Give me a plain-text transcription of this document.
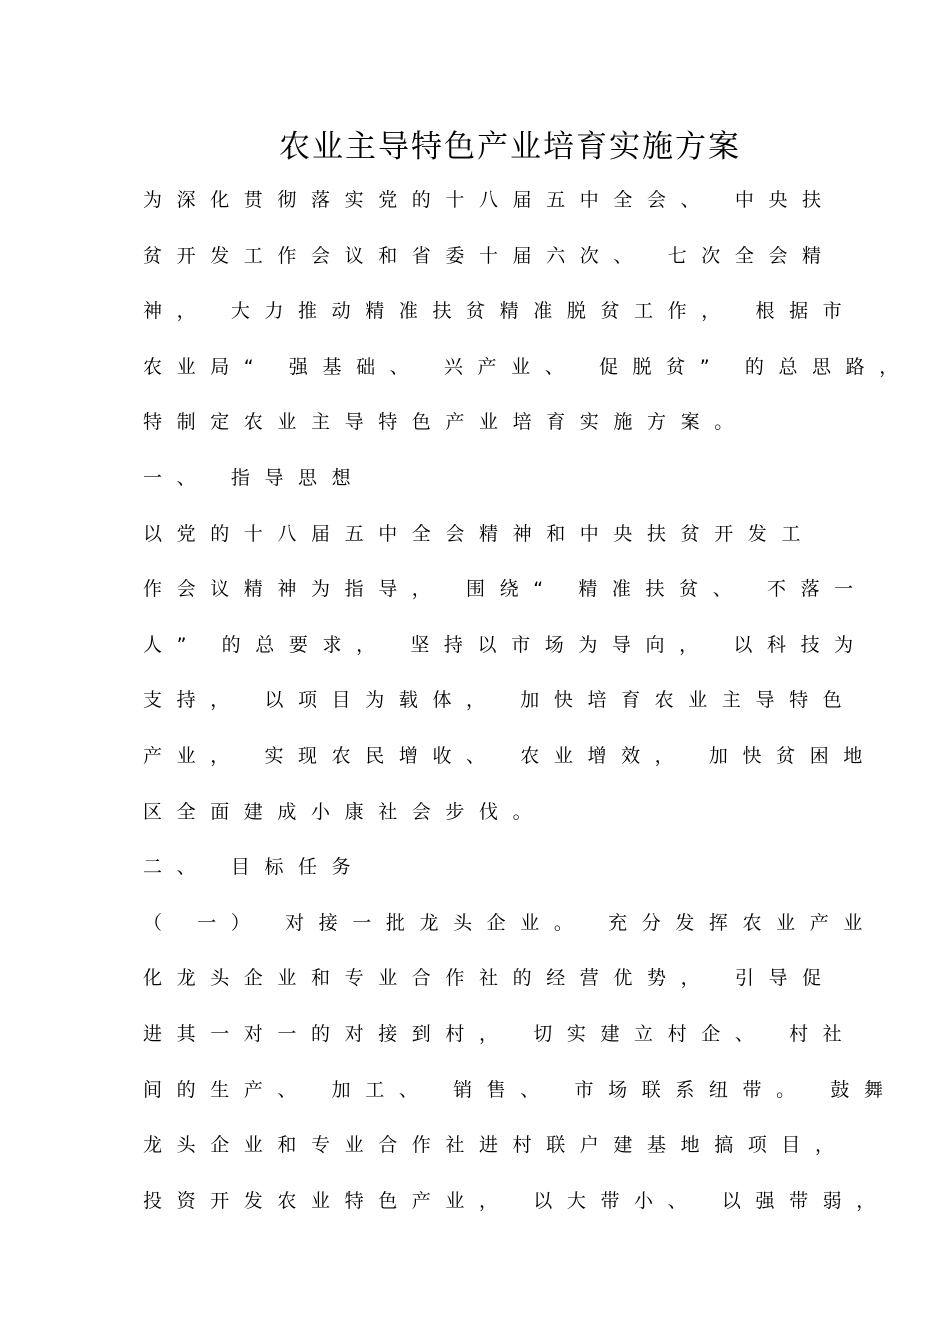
农业主导特色产业培育实施方案
为深化贯彻落实党的十八届五中全会、 中央扶
贫开发工作会议和省委十届六次、 七次全会精
神， 大力推动精准扶贫精准脱贫工作， 根据市
农业局“ 强基础、 兴产业、 促脱贫” 的总思路，
特制定农业主导特色产业培育实施方案。
一、 指导思想
以党的十八届五中全会精神和中央扶贫开发工
作会议精神为指导， 围绕“ 精准扶贫、 不落一
人” 的总要求， 坚持以市场为导向， 以科技为
支持， 以项目为载体， 加快培育农业主导特色
产业， 实现农民增收、 农业增效， 加快贫困地
区全面建成小康社会步伐。
二、 目标任务
（ 一） 对接一批龙头企业。 充分发挥农业产业
化龙头企业和专业合作社的经营优势， 引导促
进其一对一的对接到村， 切实建立村企、 村社
间的生产、 加工、 销售、 市场联系纽带。 鼓舞
龙头企业和专业合作社进村联户建基地搞项目，
投资开发农业特色产业， 以大带小、 以强带弱，
